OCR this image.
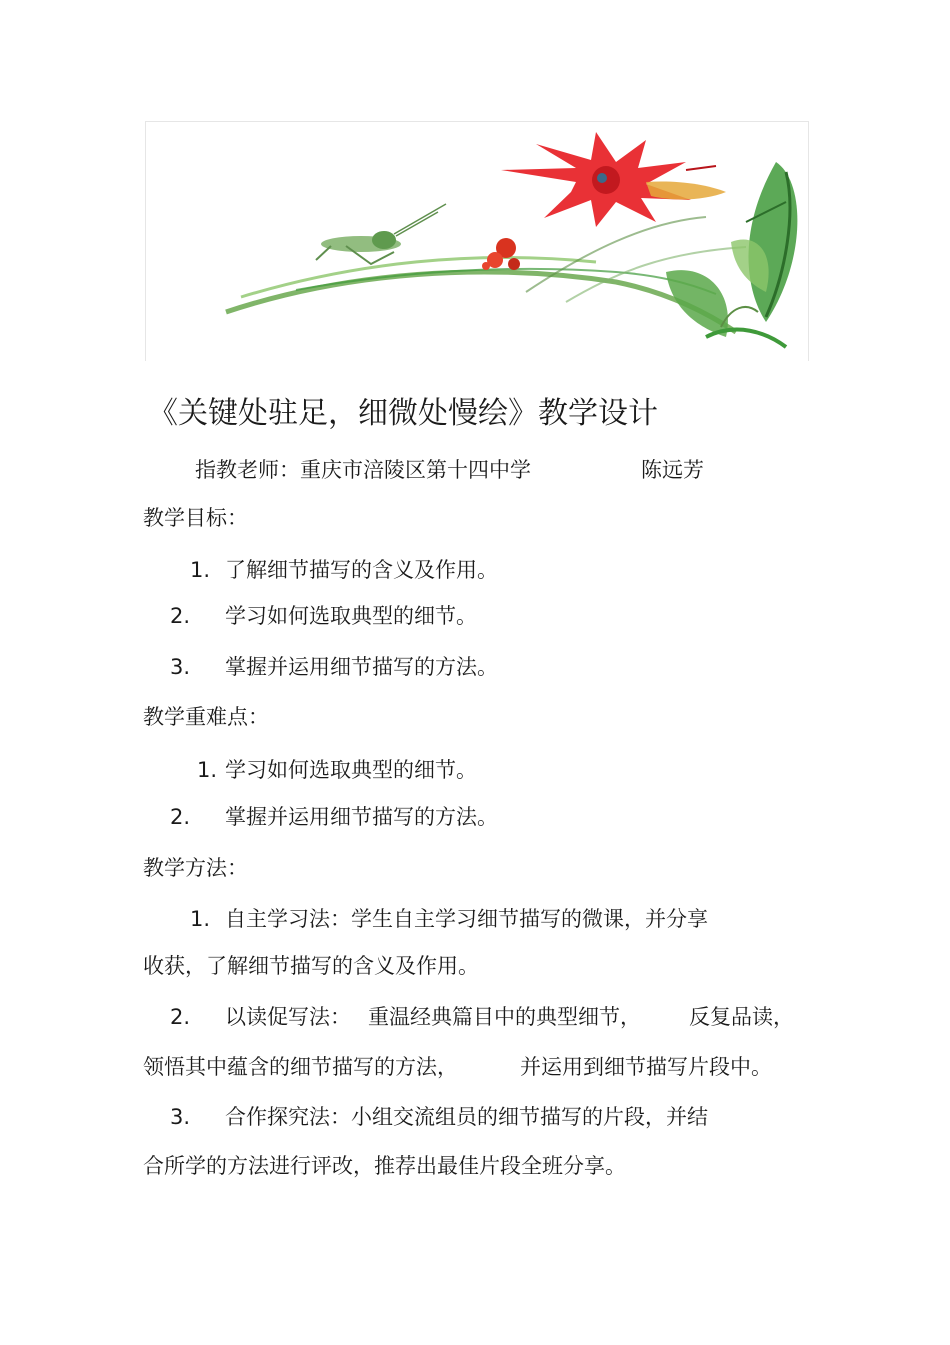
《关键处驻足，细微处慢绘》教学设计
指教老师：重庆市涪陵区第十四中学	陈远芳
教学目标：
1. 了解细节描写的含义及作用。
2. 学习如何选取典型的细节。
3. 掌握并运用细节描写的方法。
教学重难点：
1. 学习如何选取典型的细节。
2. 掌握并运用细节描写的方法。
教学方法：
1. 自主学习法：学生自主学习细节描写的微课，并分享
收获，了解细节描写的含义及作用。
2. 以读促写法： 重温经典篇目中的典型细节， 反复品读，
领悟其中蕴含的细节描写的方法，	并运用到细节描写片段中。
3. 合作探究法：小组交流组员的细节描写的片段，并结
合所学的方法进行评改，推荐出最佳片段全班分享。
